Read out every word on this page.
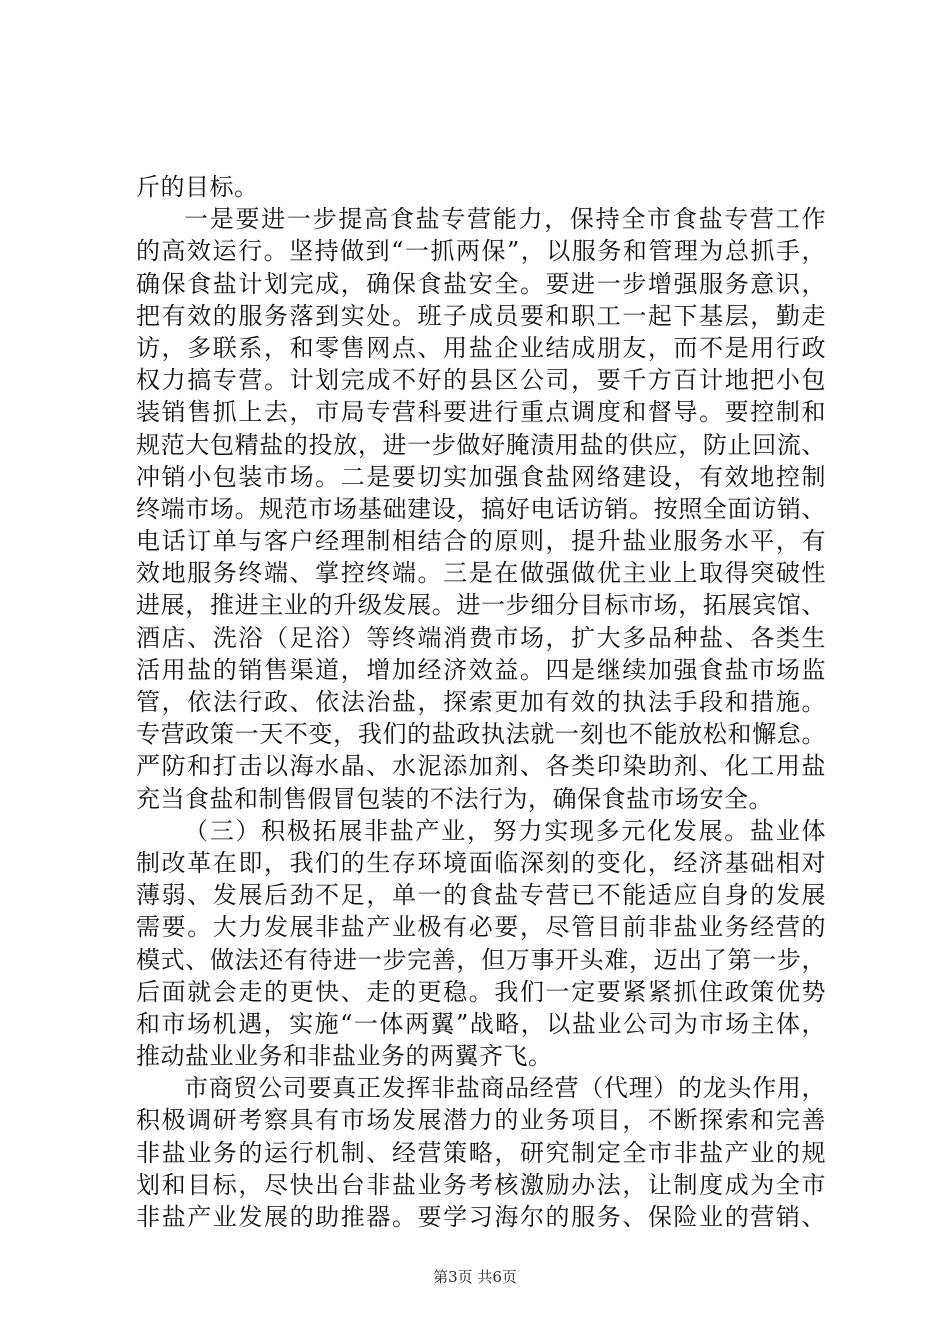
斤的目标。
一是要进一步提高食盐专营能力，保持全市食盐专营工作
的高效运行。坚持做到“一抓两保”，以服务和管理为总抓手，
确保食盐计划完成，确保食盐安全。要进一步增强服务意识，
把有效的服务落到实处。班子成员要和职工一起下基层，勤走
访，多联系，和零售网点、用盐企业结成朋友，而不是用行政
权力搞专营。计划完成不好的县区公司，要千方百计地把小包
装销售抓上去，市局专营科要进行重点调度和督导。要控制和
规范大包精盐的投放，进一步做好腌渍用盐的供应，防止回流、
冲销小包装市场。二是要切实加强食盐网络建设，有效地控制
终端市场。规范市场基础建设，搞好电话访销。按照全面访销、
电话订单与客户经理制相结合的原则，提升盐业服务水平，有
效地服务终端、掌控终端。三是在做强做优主业上取得突破性
进展，推进主业的升级发展。进一步细分目标市场，拓展宾馆、
酒店、洗浴（足浴）等终端消费市场，扩大多品种盐、各类生
活用盐的销售渠道，增加经济效益。四是继续加强食盐市场监
管，依法行政、依法治盐，探索更加有效的执法手段和措施。
专营政策一天不变，我们的盐政执法就一刻也不能放松和懈怠。
严防和打击以海水晶、水泥添加剂、各类印染助剂、化工用盐
充当食盐和制售假冒包装的不法行为，确保食盐市场安全。
（三）积极拓展非盐产业，努力实现多元化发展。盐业体
制改革在即，我们的生存环境面临深刻的变化，经济基础相对
薄弱、发展后劲不足，单一的食盐专营已不能适应自身的发展
需要。大力发展非盐产业极有必要，尽管目前非盐业务经营的
模式、做法还有待进一步完善，但万事开头难，迈出了第一步，
后面就会走的更快、走的更稳。我们一定要紧紧抓住政策优势
和市场机遇，实施“一体两翼”战略，以盐业公司为市场主体，
推动盐业业务和非盐业务的两翼齐飞。
市商贸公司要真正发挥非盐商品经营（代理）的龙头作用，
积极调研考察具有市场发展潜力的业务项目，不断探索和完善
非盐业务的运行机制、经营策略，研究制定全市非盐产业的规
划和目标，尽快出台非盐业务考核激励办法，让制度成为全市
非盐产业发展的助推器。要学习海尔的服务、保险业的营销、
第3页 共6页
